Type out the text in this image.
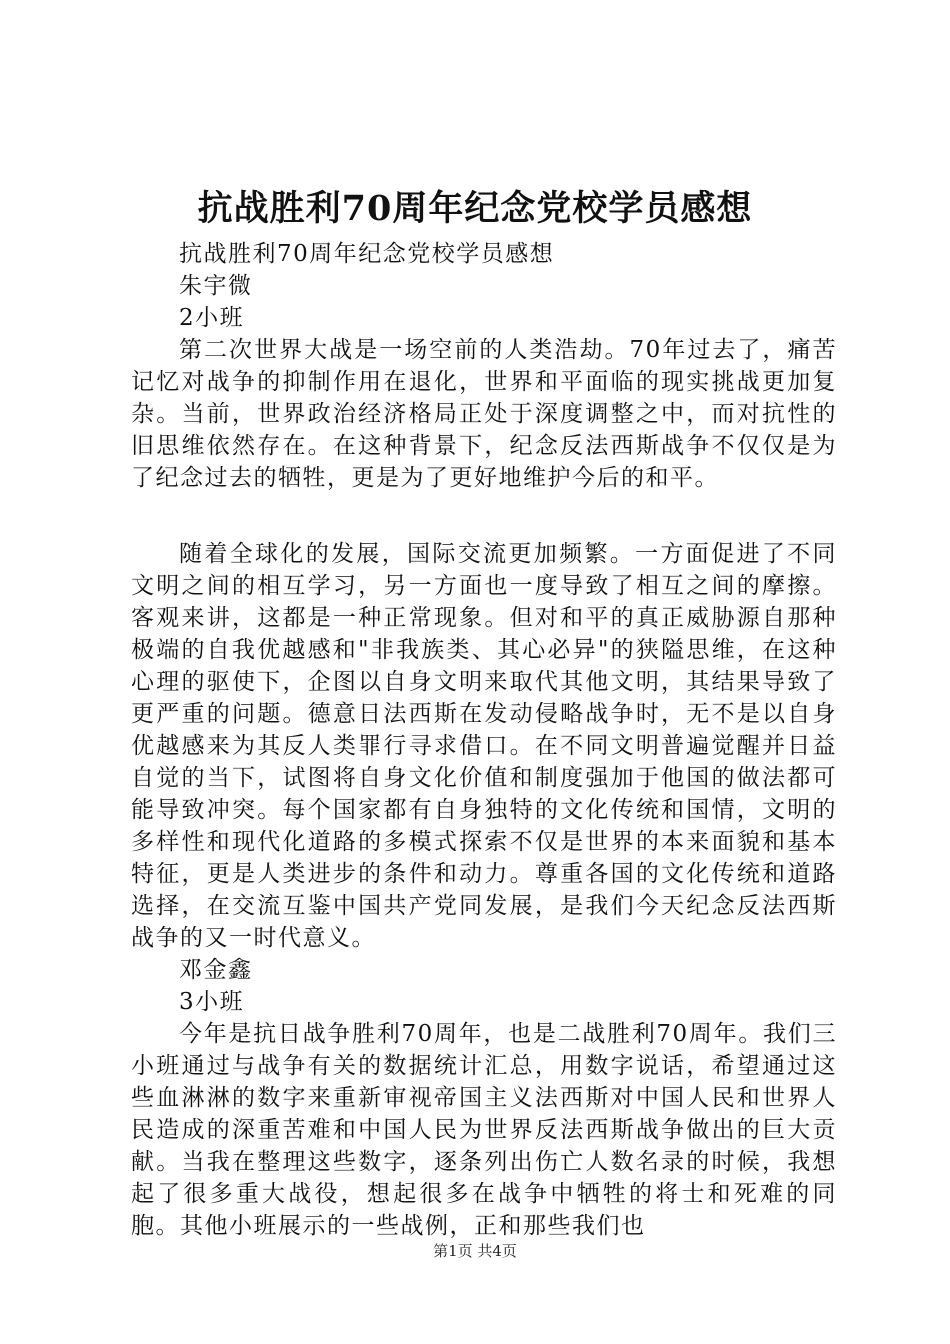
抗战胜利70周年纪念党校学员感想

抗战胜利70周年纪念党校学员感想

朱宇微

2小班

第二次世界大战是一场空前的人类浩劫。70年过去了，痛苦记忆对战争的抑制作用在退化，世界和平面临的现实挑战更加复杂。当前，世界政治经济格局正处于深度调整之中，而对抗性的旧思维依然存在。在这种背景下，纪念反法西斯战争不仅仅是为了纪念过去的牺牲，更是为了更好地维护今后的和平。

随着全球化的发展，国际交流更加频繁。一方面促进了不同文明之间的相互学习，另一方面也一度导致了相互之间的摩擦。客观来讲，这都是一种正常现象。但对和平的真正威胁源自那种极端的自我优越感和"非我族类、其心必异"的狭隘思维，在这种心理的驱使下，企图以自身文明来取代其他文明，其结果导致了更严重的问题。德意日法西斯在发动侵略战争时，无不是以自身优越感来为其反人类罪行寻求借口。在不同文明普遍觉醒并日益自觉的当下，试图将自身文化价值和制度强加于他国的做法都可能导致冲突。每个国家都有自身独特的文化传统和国情，文明的多样性和现代化道路的多模式探索不仅是世界的本来面貌和基本特征，更是人类进步的条件和动力。尊重各国的文化传统和道路选择，在交流互鉴中国共产党同发展，是我们今天纪念反法西斯战争的又一时代意义。

邓金鑫

3小班

今年是抗日战争胜利70周年，也是二战胜利70周年。我们三小班通过与战争有关的数据统计汇总，用数字说话，希望通过这些血淋淋的数字来重新审视帝国主义法西斯对中国人民和世界人民造成的深重苦难和中国人民为世界反法西斯战争做出的巨大贡献。当我在整理这些数字，逐条列出伤亡人数名录的时候，我想起了很多重大战役，想起很多在战争中牺牲的将士和死难的同胞。其他小班展示的一些战例，正和那些我们也

第1页 共4页
